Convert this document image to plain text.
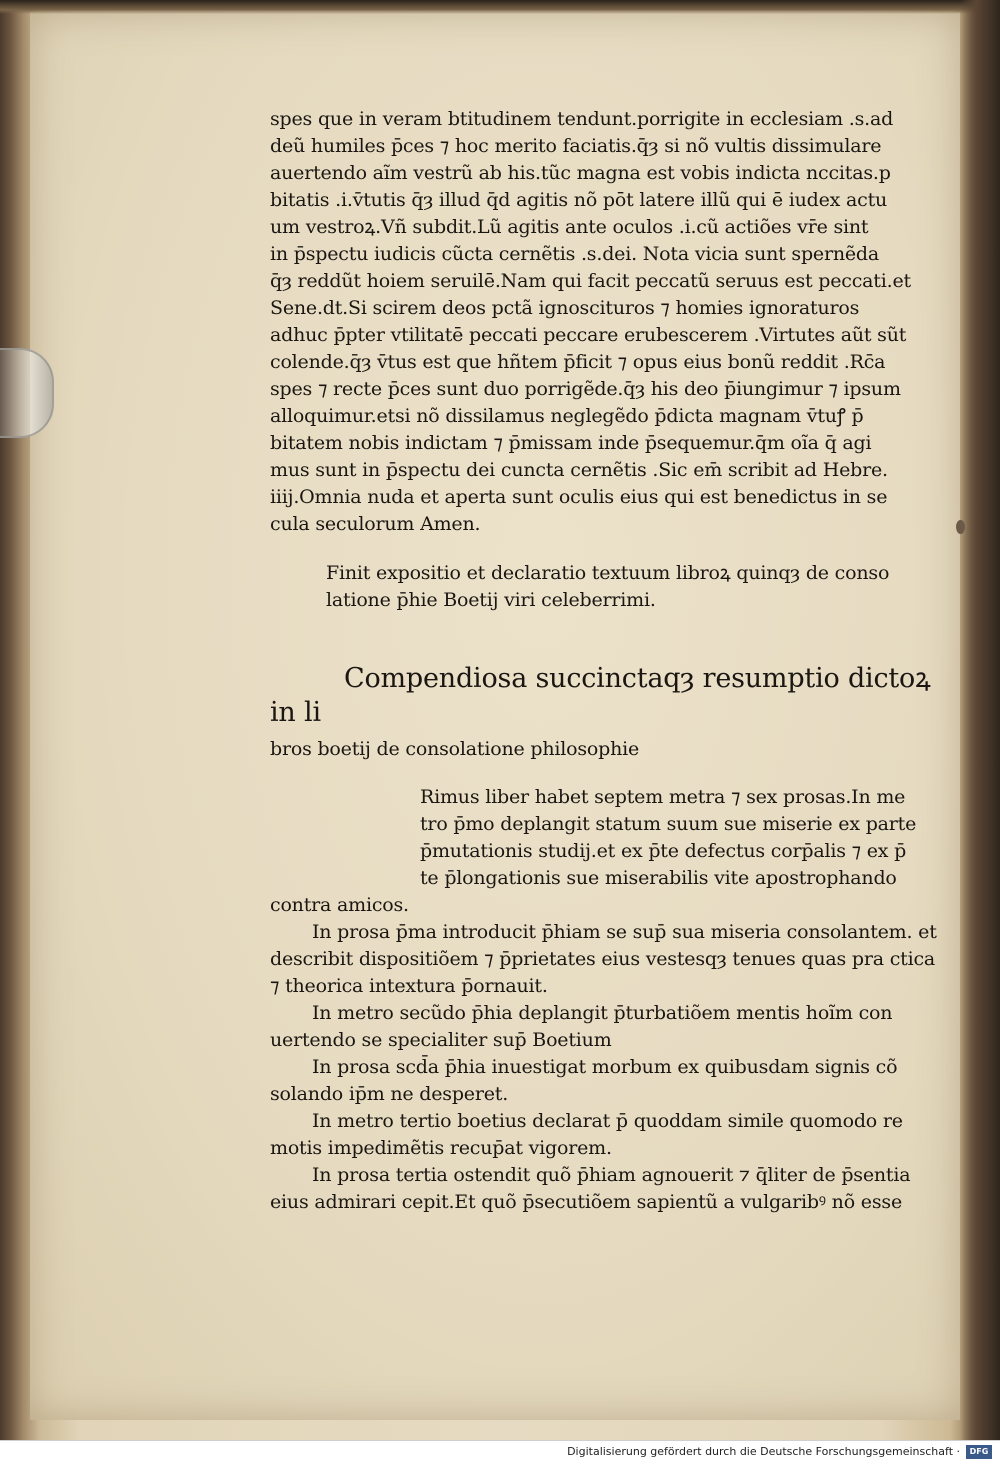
spes que in veram btitudinem tendunt.porrigite in ecclesiam .s.ad
deũ humiles p̄ces ⁊ hoc merito faciatis.q̄ȝ si nõ vultis dissimulare
auertendo aĩm vestrũ ab his.tũc magna est vobis indicta nccitas.p
bitatis .i.v̄tutis q̄ȝ illud q̄d agitis nõ pōt latere illũ qui ē iudex actu
um vestroꝝ.Vñ subdit.Lũ agitis ante oculos .i.cũ actiões vr̄e sint
in p̄spectu iudicis cũcta cernẽtis .s.dei. Nota vicia sunt spernẽda
q̄ȝ reddũt hoiem seruilē.Nam qui facit peccatũ seruus est peccati.et
Sene.dt.Si scirem deos pctã ignoscituros ⁊ homies ignoraturos
adhuc p̄pter vtilitatē peccati peccare erubescerem .Virtutes aũt sũt
colende.q̄ȝ v̄tus est que hñtem p̄ficit ⁊ opus eius bonũ reddit .Rc̄a
spes ⁊ recte p̄ces sunt duo porrigẽde.q̄ȝ his deo p̄iungimur ⁊ ipsum
alloquimur.etsi nõ dissilamus neglegẽdo p̄dicta magnam v̄tuꝭ p̄
bitatem nobis indictam ⁊ p̄missam inde p̄sequemur.q̄m oĩa q̄ agi
mus sunt in p̄spectu dei cuncta cernẽtis .Sic em̄ scribit ad Hebre.
iiij.Omnia nuda et aperta sunt oculis eius qui est benedictus in se
cula seculorum Amen.

Finit expositio et declaratio textuum libroꝝ quinqȝ de conso
latione p̄hie Boetij viri celeberrimi.

Compendiosa succinctaqȝ resumptio dictoꝝ in li
bros boetij de consolatione philosophie

Rimus liber habet septem metra ⁊ sex prosas.In me
tro p̄mo deplangit statum suum sue miserie ex parte
p̄mutationis studij.et ex p̄te defectus corp̄alis ⁊ ex p̄
te p̄longationis sue miserabilis vite apostrophando
contra amicos.

In prosa p̄ma introducit p̄hiam se sup̄ sua miseria consolantem. et describit dispositiõem ⁊ p̄prietates eius vestesqȝ tenues quas pra ctica ⁊ theorica intextura p̄ornauit.

In metro secũdo p̄hia deplangit p̄turbatiõem mentis hoĩm con uertendo se specialiter sup̄ Boetium

In prosa scd̄a p̄hia inuestigat morbum ex quibusdam signis cõ solando ip̄m ne desperet.

In metro tertio boetius declarat p̄ quoddam simile quomodo re motis impedimẽtis recup̄at vigorem.

In prosa tertia ostendit quõ p̄hiam agnouerit ⁊ q̄liter de p̄sentia eius admirari cepit.Et quõ p̄secutiõem sapientũ a vulgaribꝰ nõ esse

Digitalisierung gefördert durch die Deutsche Forschungsgemeinschaft ·	DFG
